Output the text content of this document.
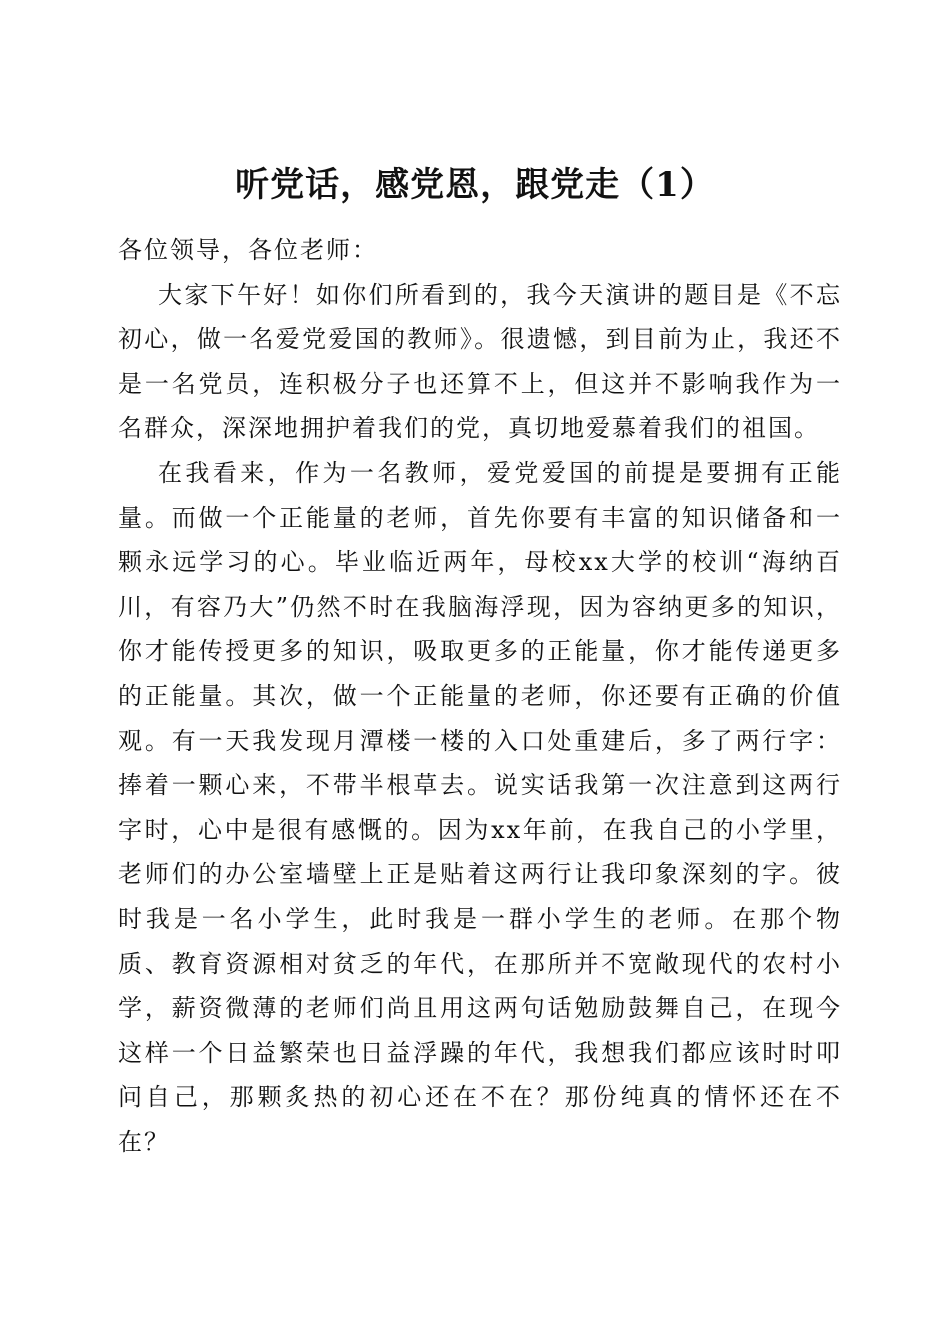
听党话，感党恩，跟党走（1）

各位领导，各位老师：

大家下午好！如你们所看到的，我今天演讲的题目是《不忘初心，做一名爱党爱国的教师》。很遗憾，到目前为止，我还不是一名党员，连积极分子也还算不上，但这并不影响我作为一名群众，深深地拥护着我们的党，真切地爱慕着我们的祖国。

在我看来，作为一名教师，爱党爱国的前提是要拥有正能量。而做一个正能量的老师，首先你要有丰富的知识储备和一颗永远学习的心。毕业临近两年，母校xx大学的校训“海纳百川，有容乃大”仍然不时在我脑海浮现，因为容纳更多的知识，你才能传授更多的知识，吸取更多的正能量，你才能传递更多的正能量。其次，做一个正能量的老师，你还要有正确的价值观。有一天我发现月潭楼一楼的入口处重建后，多了两行字：捧着一颗心来，不带半根草去。说实话我第一次注意到这两行字时，心中是很有感慨的。因为xx年前，在我自己的小学里，老师们的办公室墙壁上正是贴着这两行让我印象深刻的字。彼时我是一名小学生，此时我是一群小学生的老师。在那个物质、教育资源相对贫乏的年代，在那所并不宽敞现代的农村小学，薪资微薄的老师们尚且用这两句话勉励鼓舞自己，在现今这样一个日益繁荣也日益浮躁的年代，我想我们都应该时时叩问自己，那颗炙热的初心还在不在？那份纯真的情怀还在不在？
